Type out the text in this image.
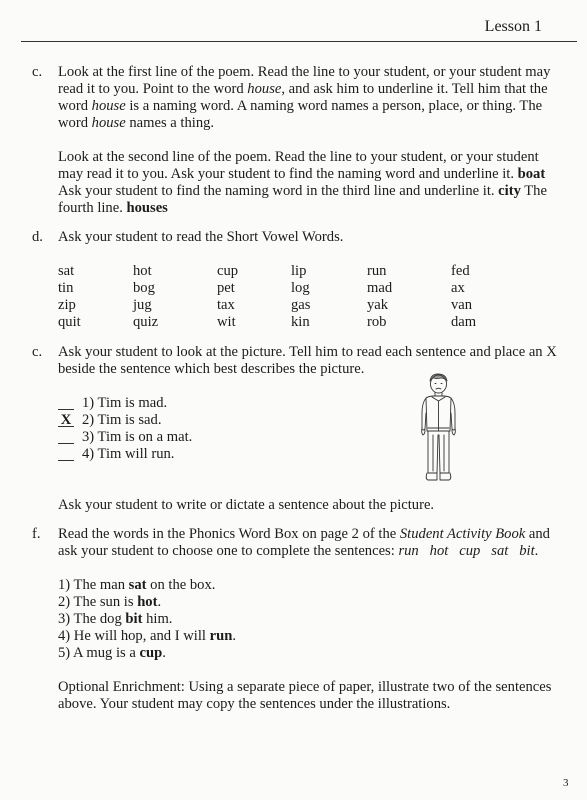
Lesson 1
c.	Look at the first line of the poem. Read the line to your student, or your student may read it to you. Point to the word house, and ask him to underline it. Tell him that the word house is a naming word. A naming word names a person, place, or thing. The word house names a thing.

Look at the second line of the poem. Read the line to your student, or your student may read it to you. Ask your student to find the naming word and underline it. boat Ask your student to find the naming word in the third line and underline it. city The fourth line. houses

d.	Ask your student to read the Short Vowel Words.

sat	hot	cup	lip	run	fed
tin	bog	pet	log	mad	ax
zip	jug	tax	gas	yak	van
quit	quiz	wit	kin	rob	dam
c.	Ask your student to look at the picture. Tell him to read each sentence and place an X beside the sentence which best describes the picture.

1) Tim is mad.
X 2) Tim is sad.
3) Tim is on a mat.
4) Tim will run.

Ask your student to write or dictate a sentence about the picture.

f.	Read the words in the Phonics Word Box on page 2 of the Student Activity Book and ask your student to choose one to complete the sentences: run   hot   cup   sat   bit.

1) The man sat on the box.

2) The sun is hot.

3) The dog bit him.

4) He will hop, and I will run.

5) A mug is a cup.

Optional Enrichment: Using a separate piece of paper, illustrate two of the sentences above. Your student may copy the sentences under the illustrations.

3
